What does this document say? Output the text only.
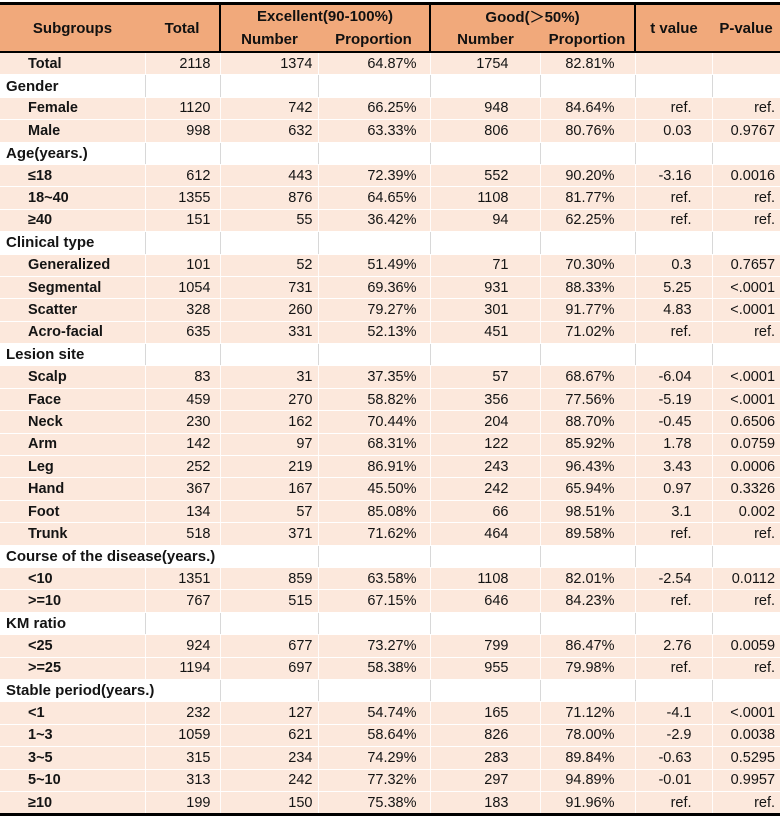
Subgroups	Total	Excellent(90-100%)		Good(＞50%)		t value	P-value
		Number	Proportion	Number	Proportion		
Total	2118	1374	64.87%	1754	82.81%		
Gender							
Female	1120	742	66.25%	948	84.64%	ref.	ref.
Male	998	632	63.33%	806	80.76%	0.03	0.9767
Age(years.)							
≤18	612	443	72.39%	552	90.20%	-3.16	0.0016
18~40	1355	876	64.65%	1108	81.77%	ref.	ref.
≥40	151	55	36.42%	94	62.25%	ref.	ref.
Clinical type							
Generalized	101	52	51.49%	71	70.30%	0.3	0.7657
Segmental	1054	731	69.36%	931	88.33%	5.25	<.0001
Scatter	328	260	79.27%	301	91.77%	4.83	<.0001
Acro-facial	635	331	52.13%	451	71.02%	ref.	ref.
Lesion site							
Scalp	83	31	37.35%	57	68.67%	-6.04	<.0001
Face	459	270	58.82%	356	77.56%	-5.19	<.0001
Neck	230	162	70.44%	204	88.70%	-0.45	0.6506
Arm	142	97	68.31%	122	85.92%	1.78	0.0759
Leg	252	219	86.91%	243	96.43%	3.43	0.0006
Hand	367	167	45.50%	242	65.94%	0.97	0.3326
Foot	134	57	85.08%	66	98.51%	3.1	0.002
Trunk	518	371	71.62%	464	89.58%	ref.	ref.
Course of the disease(years.)							
<10	1351	859	63.58%	1108	82.01%	-2.54	0.0112
>=10	767	515	67.15%	646	84.23%	ref.	ref.
KM ratio							
<25	924	677	73.27%	799	86.47%	2.76	0.0059
>=25	1194	697	58.38%	955	79.98%	ref.	ref.
Stable period(years.)							
<1	232	127	54.74%	165	71.12%	-4.1	<.0001
1~3	1059	621	58.64%	826	78.00%	-2.9	0.0038
3~5	315	234	74.29%	283	89.84%	-0.63	0.5295
5~10	313	242	77.32%	297	94.89%	-0.01	0.9957
≥10	199	150	75.38%	183	91.96%	ref.	ref.
